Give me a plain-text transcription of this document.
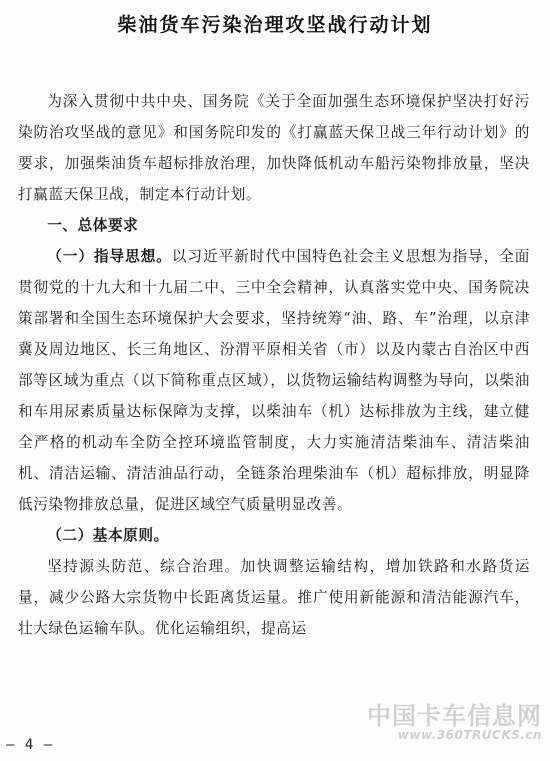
柴油货车污染治理攻坚战行动计划

为深入贯彻中共中央、国务院《关于全面加强生态环境保护坚决打好污染防治攻坚战的意见》和国务院印发的《打赢蓝天保卫战三年行动计划》的要求，加强柴油货车超标排放治理，加快降低机动车船污染物排放量，坚决打赢蓝天保卫战，制定本行动计划。

一、总体要求

（一）指导思想。以习近平新时代中国特色社会主义思想为指导，全面贯彻党的十九大和十九届二中、三中全会精神，认真落实党中央、国务院决策部署和全国生态环境保护大会要求，坚持统筹“油、路、车”治理，以京津冀及周边地区、长三角地区、汾渭平原相关省（市）以及内蒙古自治区中西部等区域为重点（以下简称重点区域），以货物运输结构调整为导向，以柴油和车用尿素质量达标保障为支撑，以柴油车（机）达标排放为主线，建立健全严格的机动车全防全控环境监管制度，大力实施清洁柴油车、清洁柴油机、清洁运输、清洁油品行动，全链条治理柴油车（机）超标排放，明显降低污染物排放总量，促进区域空气质量明显改善。

（二）基本原则。

坚持源头防范、综合治理。加快调整运输结构，增加铁路和水路货运量，减少公路大宗货物中长距离货运量。推广使用新能源和清洁能源汽车，壮大绿色运输车队。优化运输组织，提高运

— 4 —
中国卡车信息网
www.360TRUCKS.cn
